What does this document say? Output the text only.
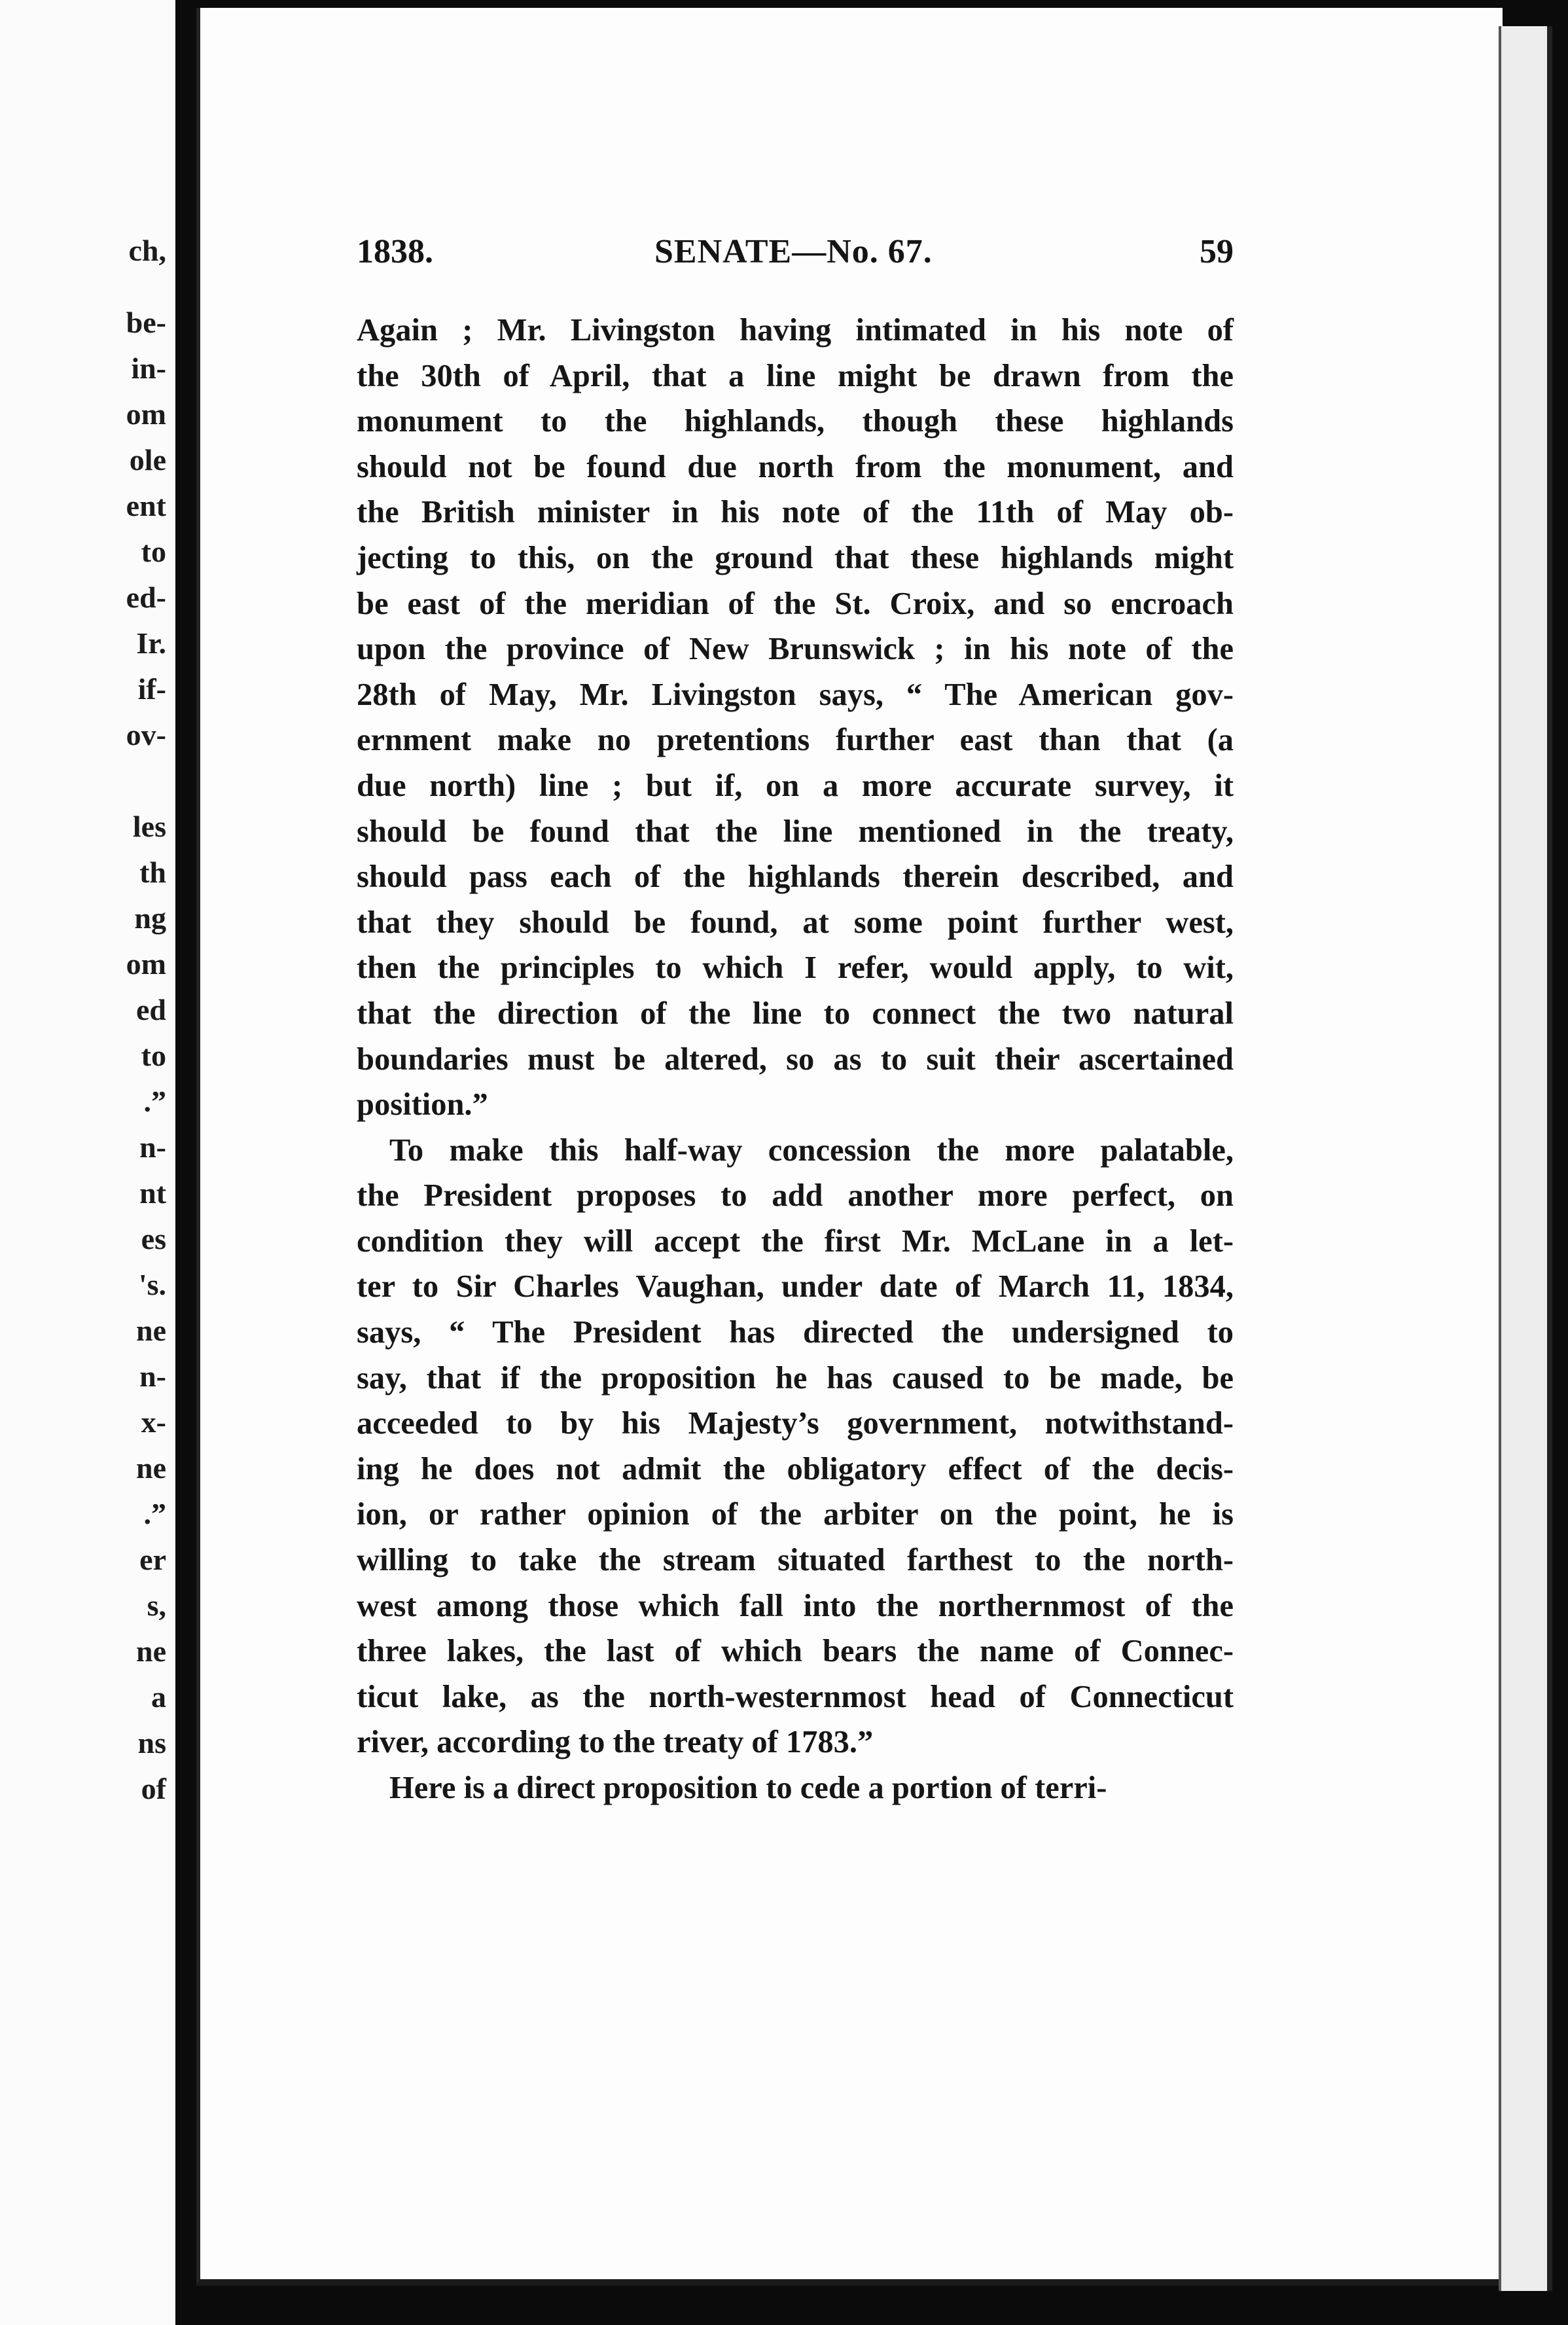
ch,
be-
in-
om
ole
ent
to
ed-
Ir.
if-
ov-
les
th
ng
om
ed
to
.”
n-
nt
es
's.
ne
n-
x-
ne
.”
er
s,
ne
a
ns
of
1838.	SENATE—No. 67.	59
Again ; Mr. Livingston having intimated in his note of
the 30th of April, that a line might be drawn from the
monument to the highlands, though these highlands
should not be found due north from the monument, and
the British minister in his note of the 11th of May ob-
jecting to this, on the ground that these highlands might
be east of the meridian of the St. Croix, and so encroach
upon the province of New Brunswick ; in his note of the
28th of May, Mr. Livingston says, “ The American gov-
ernment make no pretentions further east than that (a
due north) line ; but if, on a more accurate survey, it
should be found that the line mentioned in the treaty,
should pass each of the highlands therein described, and
that they should be found, at some point further west,
then the principles to which I refer, would apply, to wit,
that the direction of the line to connect the two natural
boundaries must be altered, so as to suit their ascertained
position.”
To make this half-way concession the more palatable,
the President proposes to add another more perfect, on
condition they will accept the first Mr. McLane in a let-
ter to Sir Charles Vaughan, under date of March 11, 1834,
says, “ The President has directed the undersigned to
say, that if the proposition he has caused to be made, be
acceeded to by his Majesty’s government, notwithstand-
ing he does not admit the obligatory effect of the decis-
ion, or rather opinion of the arbiter on the point, he is
willing to take the stream situated farthest to the north-
west among those which fall into the northernmost of the
three lakes, the last of which bears the name of Connec-
ticut lake, as the north-westernmost head of Connecticut
river, according to the treaty of 1783.”
Here is a direct proposition to cede a portion of terri-
